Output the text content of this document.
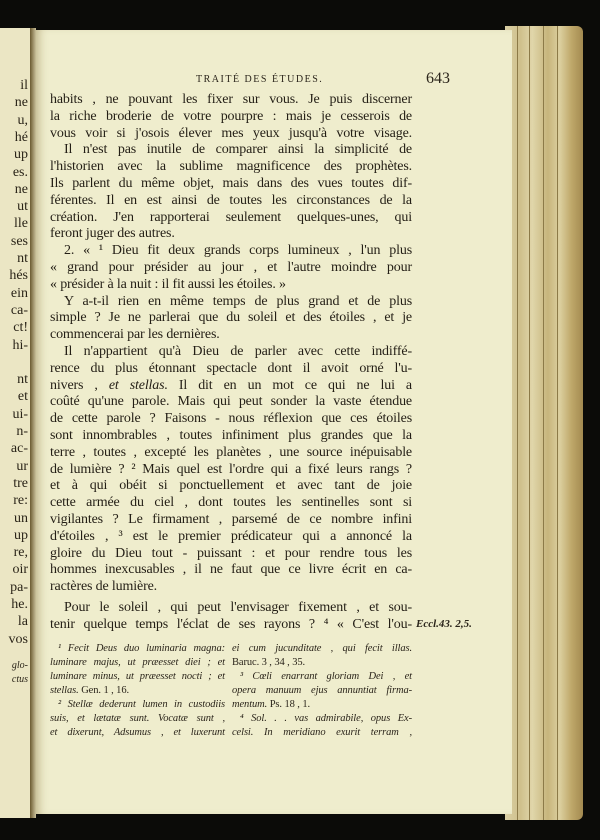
il
ne
u,
hé
up
es.
ne
ut
lle
ses
nt
hés
ein
ca-
ct!
hi-
nt
et
ui-
n-
ac-
ur
tre
re:
un
up
re,
oir
pa-
he.
la
vos
glo-
ctus
TRAITÉ DES ÉTUDES.	643
habits , ne pouvant les fixer sur vous. Je puis discerner
la riche broderie de votre pourpre : mais je cesserois de
vous voir si j'osois élever mes yeux jusqu'à votre visage.
Il n'est pas inutile de comparer ainsi la simplicité de
l'historien avec la sublime magnificence des prophètes.
Ils parlent du même objet, mais dans des vues toutes dif-
férentes. Il en est ainsi de toutes les circonstances de la
création. J'en rapporterai seulement quelques-unes, qui
feront juger des autres.
2. « ¹ Dieu fit deux grands corps lumineux , l'un plus
« grand pour présider au jour , et l'autre moindre pour
« présider à la nuit : il fit aussi les étoiles. »
Y a-t-il rien en même temps de plus grand et de plus
simple ? Je ne parlerai que du soleil et des étoiles , et je
commencerai par les dernières.
Il n'appartient qu'à Dieu de parler avec cette indiffé-
rence du plus étonnant spectacle dont il avoit orné l'u-
nivers , et stellas. Il dit en un mot ce qui ne lui a
coûté qu'une parole. Mais qui peut sonder la vaste étendue
de cette parole ? Faisons - nous réflexion que ces étoiles
sont innombrables , toutes infiniment plus grandes que la
terre , toutes , excepté les planètes , une source inépuisable
de lumière ? ² Mais quel est l'ordre qui a fixé leurs rangs ?
et à qui obéit si ponctuellement et avec tant de joie
cette armée du ciel , dont toutes les sentinelles sont si
vigilantes ? Le firmament , parsemé de ce nombre infini
d'étoiles , ³ est le premier prédicateur qui a annoncé la
gloire du Dieu tout - puissant : et pour rendre tous les
hommes inexcusables , il ne faut que ce livre écrit en ca-
ractères de lumière.
Pour le soleil , qui peut l'envisager fixement , et sou-
tenir quelque temps l'éclat de ses rayons ? ⁴ « C'est l'ou- Eccl.43. 2,5.
¹ Fecit Deus duo luminaria magna:
luminare majus, ut præesset diei ; et
luminare minus, ut præesset nocti ; et
stellas. Gen. 1 , 16.
² Stellæ dederunt lumen in custodiis
suis, et lætatæ sunt. Vocatæ sunt ,
et dixerunt, Adsumus , et luxerunt
ei cum jucunditate , qui fecit illas.
Baruc. 3 , 34 , 35.
³ Cœli enarrant gloriam Dei , et
opera manuum ejus annuntiat firma-
mentum. Ps. 18 , 1.
⁴ Sol. . . vas admirabile, opus Ex-
celsi. In meridiano exurit terram ,
